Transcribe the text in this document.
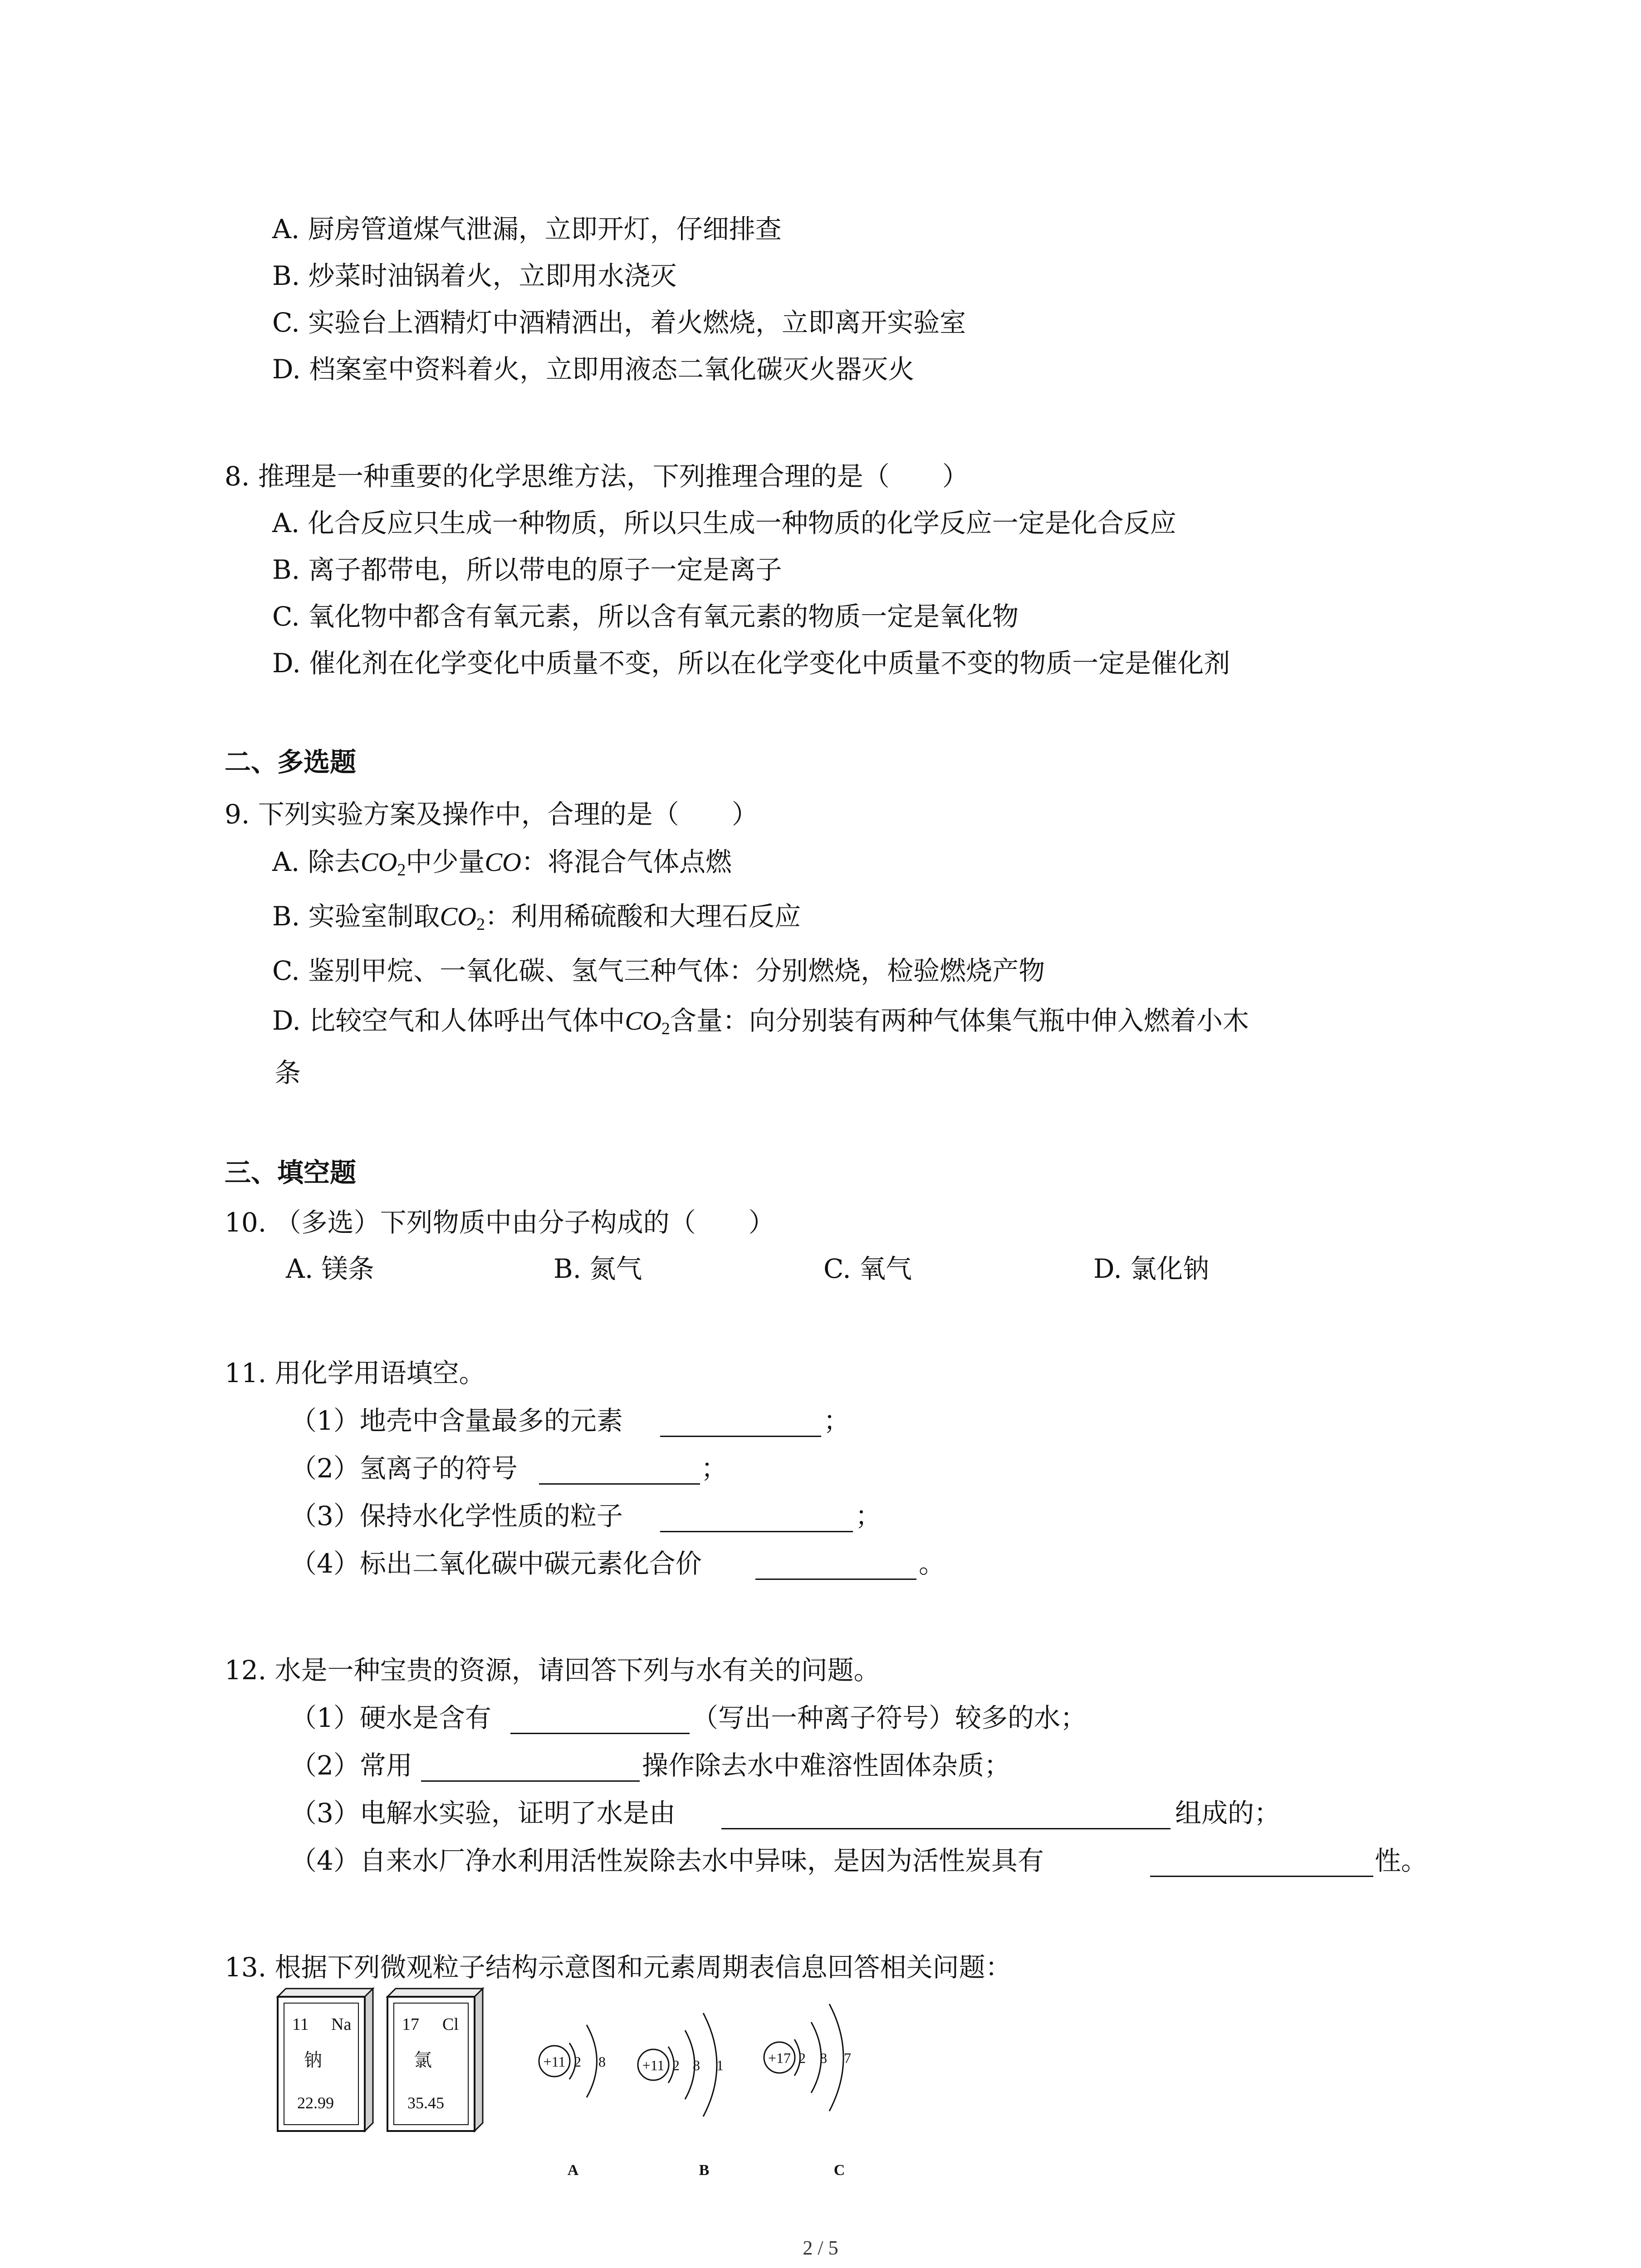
A. 厨房管道煤气泄漏，立即开灯，仔细排查
B. 炒菜时油锅着火，立即用水浇灭
C. 实验台上酒精灯中酒精洒出，着火燃烧，立即离开实验室
D. 档案室中资料着火，立即用液态二氧化碳灭火器灭火
8. 推理是一种重要的化学思维方法，下列推理合理的是（　　）
A. 化合反应只生成一种物质，所以只生成一种物质的化学反应一定是化合反应
B. 离子都带电，所以带电的原子一定是离子
C. 氧化物中都含有氧元素，所以含有氧元素的物质一定是氧化物
D. 催化剂在化学变化中质量不变，所以在化学变化中质量不变的物质一定是催化剂
二、多选题
9. 下列实验方案及操作中，合理的是（　　）
A. 除去$CO_2$中少量CO：将混合气体点燃
B. 实验室制取$CO_2$：利用稀硫酸和大理石反应
C. 鉴别甲烷、一氧化碳、氢气三种气体：分别燃烧，检验燃烧产物
D. 比较空气和人体呼出气体中$CO_2$含量：向分别装有两种气体集气瓶中伸入燃着小木
条
三、填空题
10. （多选）下列物质中由分子构成的（　　）
A. 镁条	B. 氮气	C. 氧气	D. 氯化钠
11. 用化学用语填空。
（1）地壳中含量最多的元素	；
（2）氢离子的符号	；
（3）保持水化学性质的粒子	；
（4）标出二氧化碳中碳元素化合价	。
12. 水是一种宝贵的资源，请回答下列与水有关的问题。
（1）硬水是含有	（写出一种离子符号）较多的水；
（2）常用	操作除去水中难溶性固体杂质；
（3）电解水实验，证明了水是由	组成的；
（4）自来水厂净水利用活性炭除去水中异味，是因为活性炭具有	性。
13. 根据下列微观粒子结构示意图和元素周期表信息回答相关问题：
11 Na
钠
22.99
17 Cl
氯
35.45
+11 2 8
A
+11 2 8 1
B
+17 2 8 7
C
2 / 5
